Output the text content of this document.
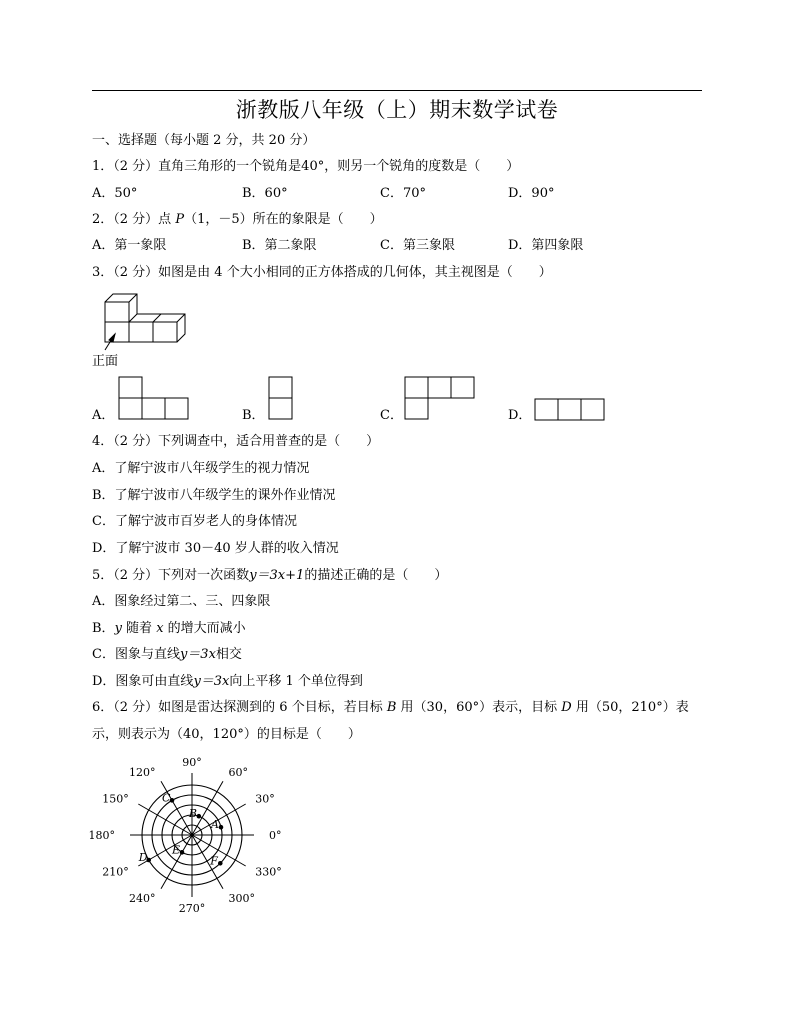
浙教版八年级（上）期末数学试卷
一、选择题（每小题 2 分，共 20 分）
1．（2 分）直角三角形的一个锐角是40°，则另一个锐角的度数是（　　）
A．50°	B．60°	C．70°	D．90°
2．（2 分）点 P（1，－5）所在的象限是（　　）
A．第一象限	B．第二象限	C．第三象限	D．第四象限
3．（2 分）如图是由 4 个大小相同的正方体搭成的几何体，其主视图是（　　）
正面
A．	B．	C．	D．
4．（2 分）下列调查中，适合用普查的是（　　）
A．了解宁波市八年级学生的视力情况
B．了解宁波市八年级学生的课外作业情况
C．了解宁波市百岁老人的身体情况
D．了解宁波市 30－40 岁人群的收入情况
5．（2 分）下列对一次函数y＝3x+1的描述正确的是（　　）
A．图象经过第二、三、四象限
B．y 随着 x 的增大而减小
C．图象与直线y＝3x相交
D．图象可由直线y＝3x向上平移 1 个单位得到
6．（2 分）如图是雷达探测到的 6 个目标，若目标 B 用（30，60°）表示，目标 D 用（50，210°）表
示，则表示为（40，120°）的目标是（　　）
90°
60°
30°
0°
330°
300°
270°
240°
210°
180°
150°
120°
A
B
C
D
E
F
